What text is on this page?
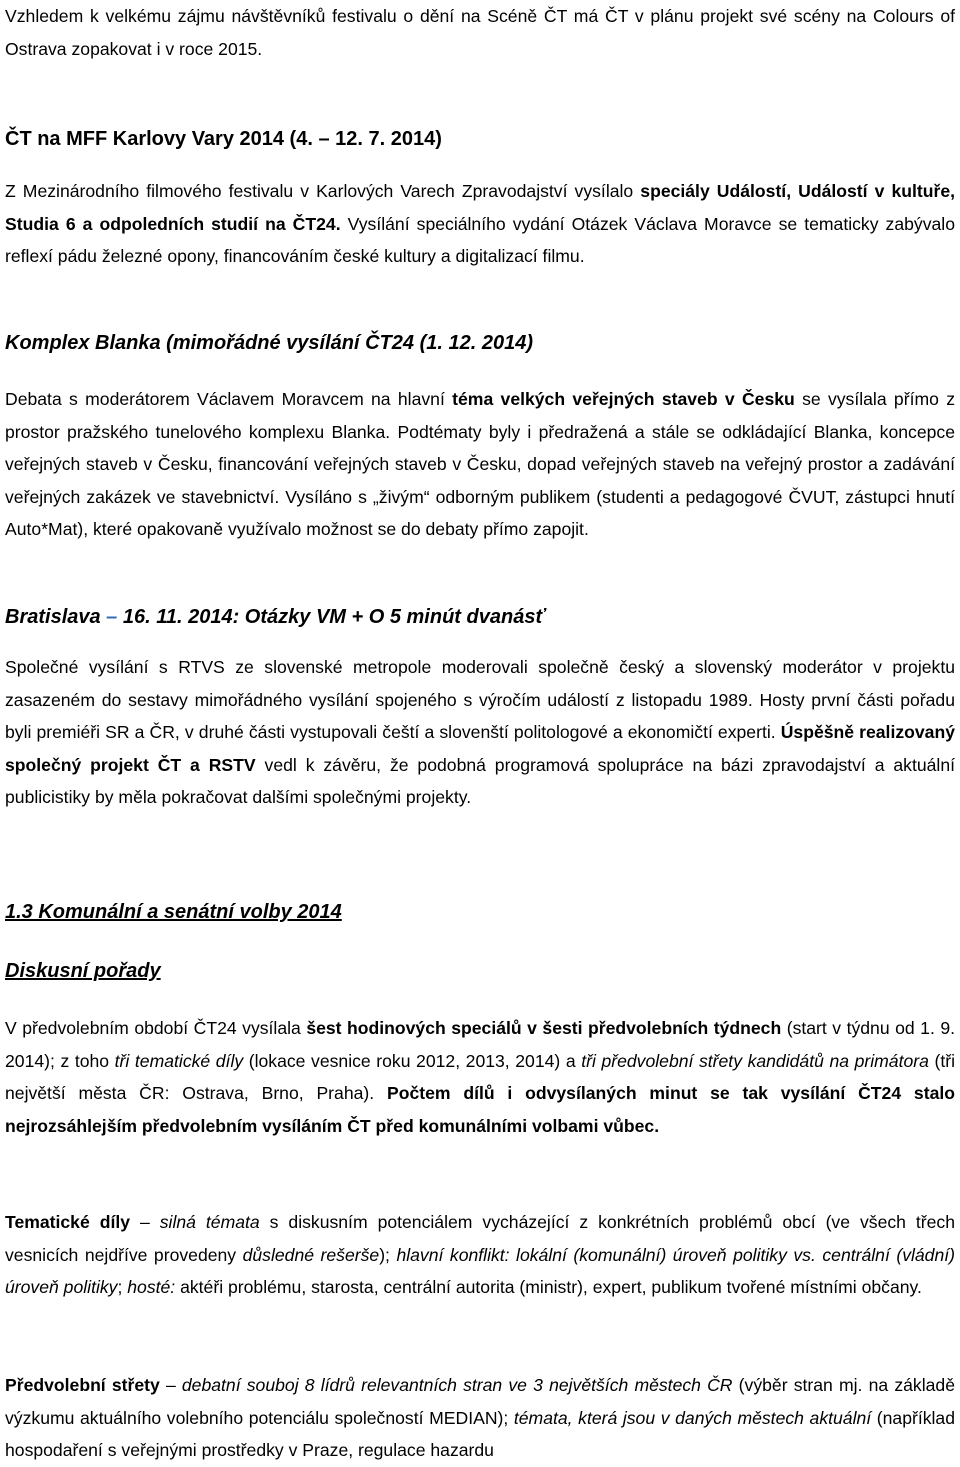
Vzhledem k velkému zájmu návštěvníků festivalu o dění na Scéně ČT má ČT v plánu projekt své scény na Colours of Ostrava zopakovat i v roce 2015.

ČT na MFF Karlovy Vary 2014 (4. – 12. 7. 2014)

Z Mezinárodního filmového festivalu v Karlových Varech Zpravodajství vysílalo speciály Událostí, Událostí v kultuře, Studia 6 a odpoledních studií na ČT24. Vysílání speciálního vydání Otázek Václava Moravce se tematicky zabývalo reflexí pádu železné opony, financováním české kultury a digitalizací filmu.

Komplex Blanka (mimořádné vysílání ČT24 (1. 12. 2014)

Debata s moderátorem Václavem Moravcem na hlavní téma velkých veřejných staveb v Česku se vysílala přímo z prostor pražského tunelového komplexu Blanka. Podtématy byly i předražená a stále se odkládající Blanka, koncepce veřejných staveb v Česku, financování veřejných staveb v Česku, dopad veřejných staveb na veřejný prostor a zadávání veřejných zakázek ve stavebnictví. Vysíláno s „živým“ odborným publikem (studenti a pedagogové ČVUT, zástupci hnutí Auto*Mat), které opakovaně využívalo možnost se do debaty přímo zapojit.

Bratislava – 16. 11. 2014: Otázky VM + O 5 minút dvanásť

Společné vysílání s RTVS ze slovenské metropole moderovali společně český a slovenský moderátor v projektu zasazeném do sestavy mimořádného vysílání spojeného s výročím událostí z listopadu 1989. Hosty první části pořadu byli premiéři SR a ČR, v druhé části vystupovali čeští a slovenští politologové a ekonomičtí experti. Úspěšně realizovaný společný projekt ČT a RSTV vedl k závěru, že podobná programová spolupráce na bázi zpravodajství a aktuální publicistiky by měla pokračovat dalšími společnými projekty.

1.3 Komunální a senátní volby 2014

Diskusní pořady

V předvolebním období ČT24 vysílala šest hodinových speciálů v šesti předvolebních týdnech (start v týdnu od 1. 9. 2014); z toho tři tematické díly (lokace vesnice roku 2012, 2013, 2014) a tři předvolební střety kandidátů na primátora (tři největší města ČR: Ostrava, Brno, Praha). Počtem dílů i odvysílaných minut se tak vysílání ČT24 stalo nejrozsáhlejším předvolebním vysíláním ČT před komunálními volbami vůbec.

Tematické díly – silná témata s diskusním potenciálem vycházející z konkrétních problémů obcí (ve všech třech vesnicích nejdříve provedeny důsledné rešerše); hlavní konflikt: lokální (komunální) úroveň politiky vs. centrální (vládní) úroveň politiky; hosté: aktéři problému, starosta, centrální autorita (ministr), expert, publikum tvořené místními občany.

Předvolební střety – debatní souboj 8 lídrů relevantních stran ve 3 největších městech ČR (výběr stran mj. na základě výzkumu aktuálního volebního potenciálu společností MEDIAN); témata, která jsou v daných městech aktuální (například hospodaření s veřejnými prostředky v Praze, regulace hazardu
